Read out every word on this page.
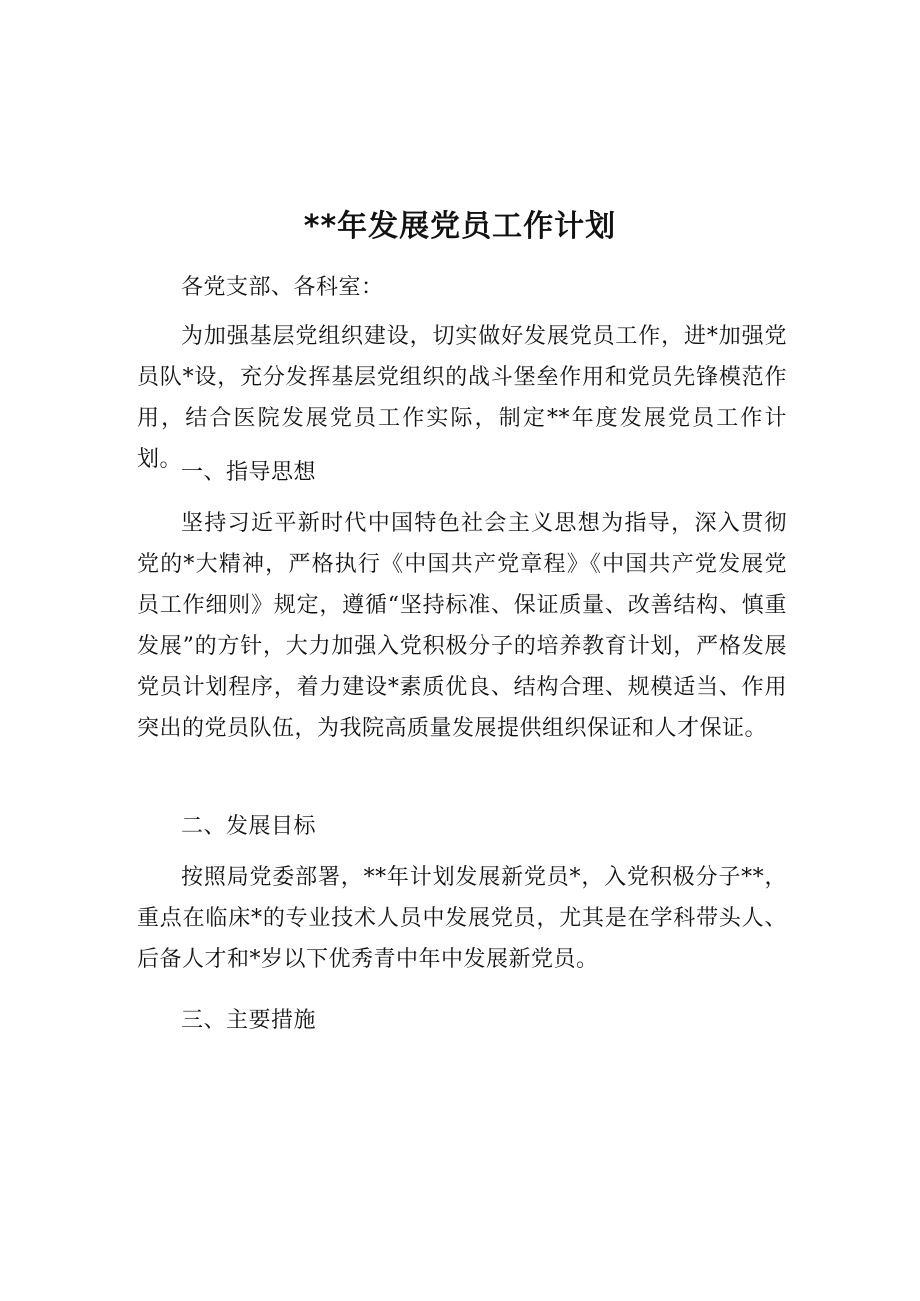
**年发展党员工作计划

各党支部、各科室：

为加强基层党组织建设，切实做好发展党员工作，进*加强党员队*设，充分发挥基层党组织的战斗堡垒作用和党员先锋模范作用，结合医院发展党员工作实际，制定**年度发展党员工作计划。

一、指导思想

坚持习近平新时代中国特色社会主义思想为指导，深入贯彻党的*大精神，严格执行《中国共产党章程》《中国共产党发展党员工作细则》规定，遵循“坚持标准、保证质量、改善结构、慎重发展”的方针，大力加强入党积极分子的培养教育计划，严格发展党员计划程序，着力建设*素质优良、结构合理、规模适当、作用突出的党员队伍，为我院高质量发展提供组织保证和人才保证。

二、发展目标

按照局党委部署，**年计划发展新党员*，入党积极分子**，重点在临床*的专业技术人员中发展党员，尤其是在学科带头人、后备人才和*岁以下优秀青中年中发展新党员。

三、主要措施
